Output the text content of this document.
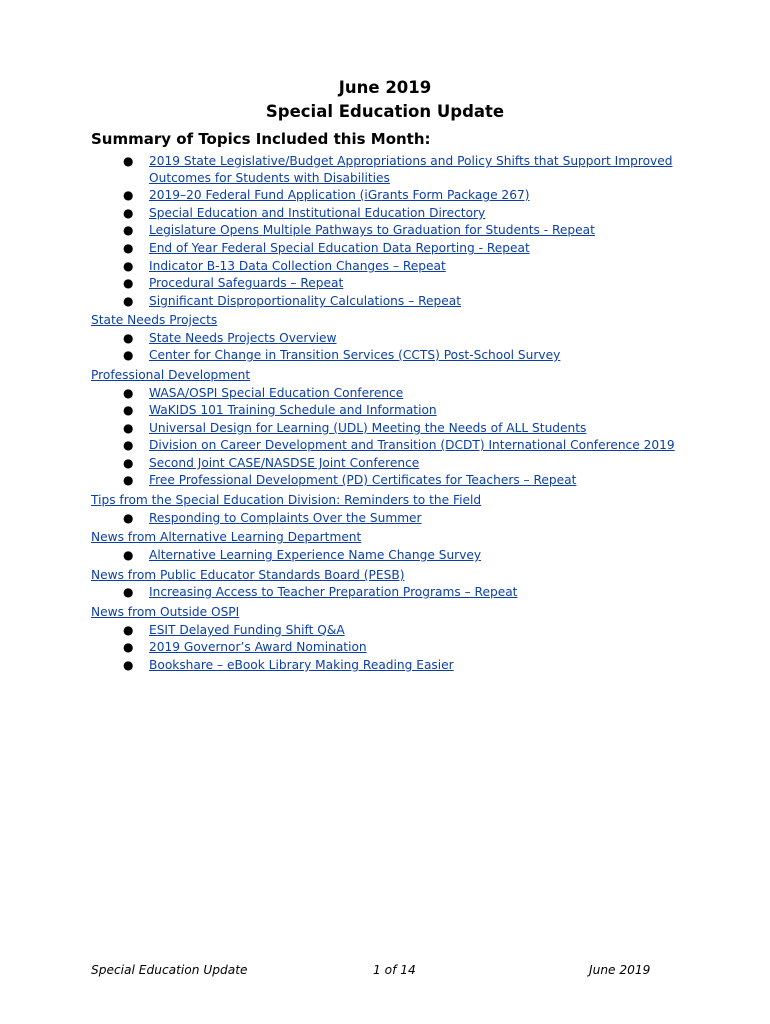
June 2019
Special Education Update
Summary of Topics Included this Month:
● 2019 State Legislative/Budget Appropriations and Policy Shifts that Support Improved
Outcomes for Students with Disabilities
● 2019–20 Federal Fund Application (iGrants Form Package 267)
● Special Education and Institutional Education Directory
● Legislature Opens Multiple Pathways to Graduation for Students - Repeat
● End of Year Federal Special Education Data Reporting - Repeat
● Indicator B-13 Data Collection Changes – Repeat
● Procedural Safeguards – Repeat
● Significant Disproportionality Calculations – Repeat
State Needs Projects
● State Needs Projects Overview
● Center for Change in Transition Services (CCTS) Post-School Survey
Professional Development
● WASA/OSPI Special Education Conference
● WaKIDS 101 Training Schedule and Information
● Universal Design for Learning (UDL) Meeting the Needs of ALL Students
● Division on Career Development and Transition (DCDT) International Conference 2019
● Second Joint CASE/NASDSE Joint Conference
● Free Professional Development (PD) Certificates for Teachers – Repeat
Tips from the Special Education Division: Reminders to the Field
● Responding to Complaints Over the Summer
News from Alternative Learning Department
● Alternative Learning Experience Name Change Survey
News from Public Educator Standards Board (PESB)
● Increasing Access to Teacher Preparation Programs – Repeat
News from Outside OSPI
● ESIT Delayed Funding Shift Q&A
● 2019 Governor’s Award Nomination
● Bookshare – eBook Library Making Reading Easier
Special Education Update	1 of 14	June 2019
